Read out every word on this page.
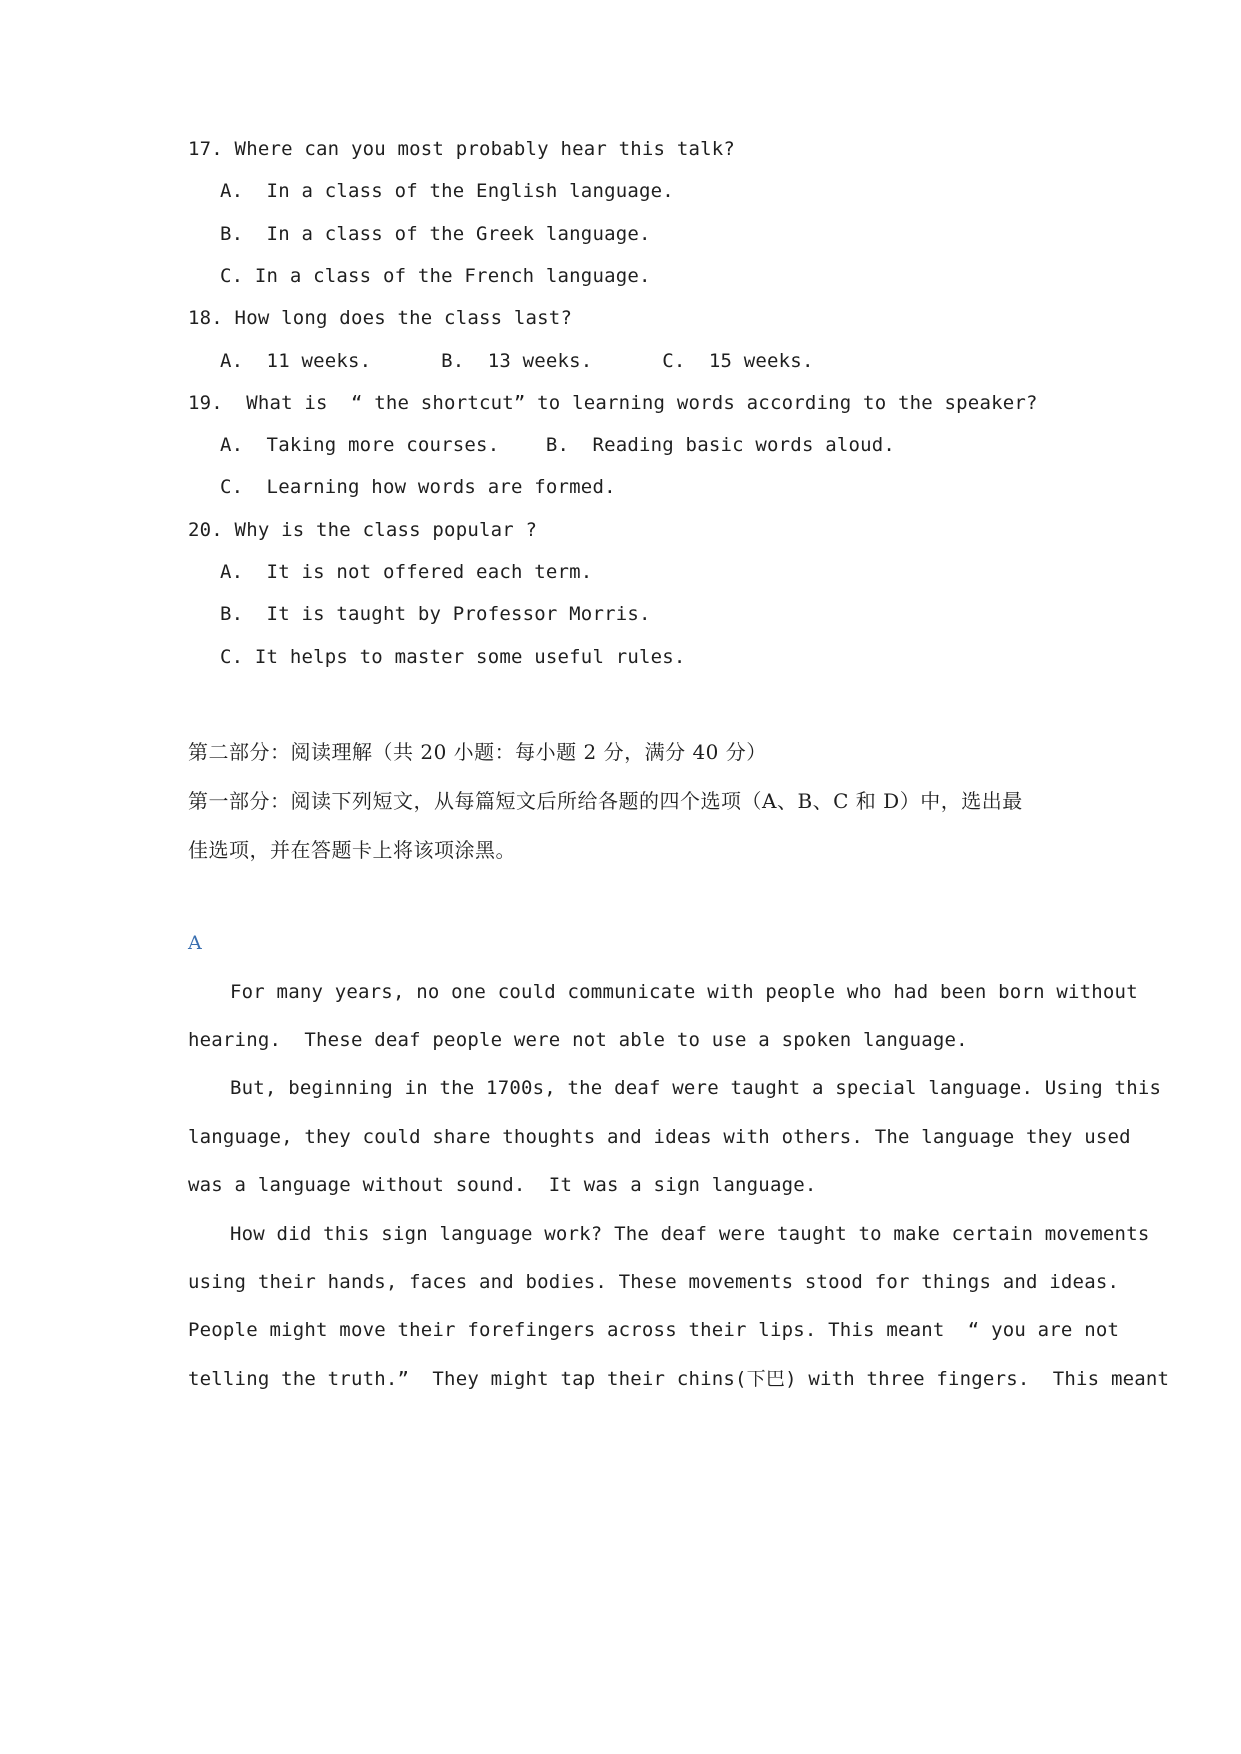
17. Where can you most probably hear this talk?
A.  In a class of the English language.
B.  In a class of the Greek language.
C. In a class of the French language.
18. How long does the class last?
A.  11 weeks.      B.  13 weeks.      C.  15 weeks.
19.  What is  “ the shortcut” to learning words according to the speaker?
A.  Taking more courses.    B.  Reading basic words aloud.
C.  Learning how words are formed.
20. Why is the class popular ?
A.  It is not offered each term.
B.  It is taught by Professor Morris.
C. It helps to master some useful rules.
第二部分：阅读理解（共 20 小题：每小题 2 分，满分 40 分）
第一部分：阅读下列短文，从每篇短文后所给各题的四个选项（A、B、C 和 D）中，选出最
佳选项，并在答题卡上将该项涂黑。
A
For many years, no one could communicate with people who had been born without
hearing.  These deaf people were not able to use a spoken language.
But, beginning in the 1700s, the deaf were taught a special language. Using this
language, they could share thoughts and ideas with others. The language they used
was a language without sound.  It was a sign language.
How did this sign language work? The deaf were taught to make certain movements
using their hands, faces and bodies. These movements stood for things and ideas.
People might move their forefingers across their lips. This meant  “ you are not
telling the truth.”  They might tap their chins(下巴) with three fingers.  This meant
